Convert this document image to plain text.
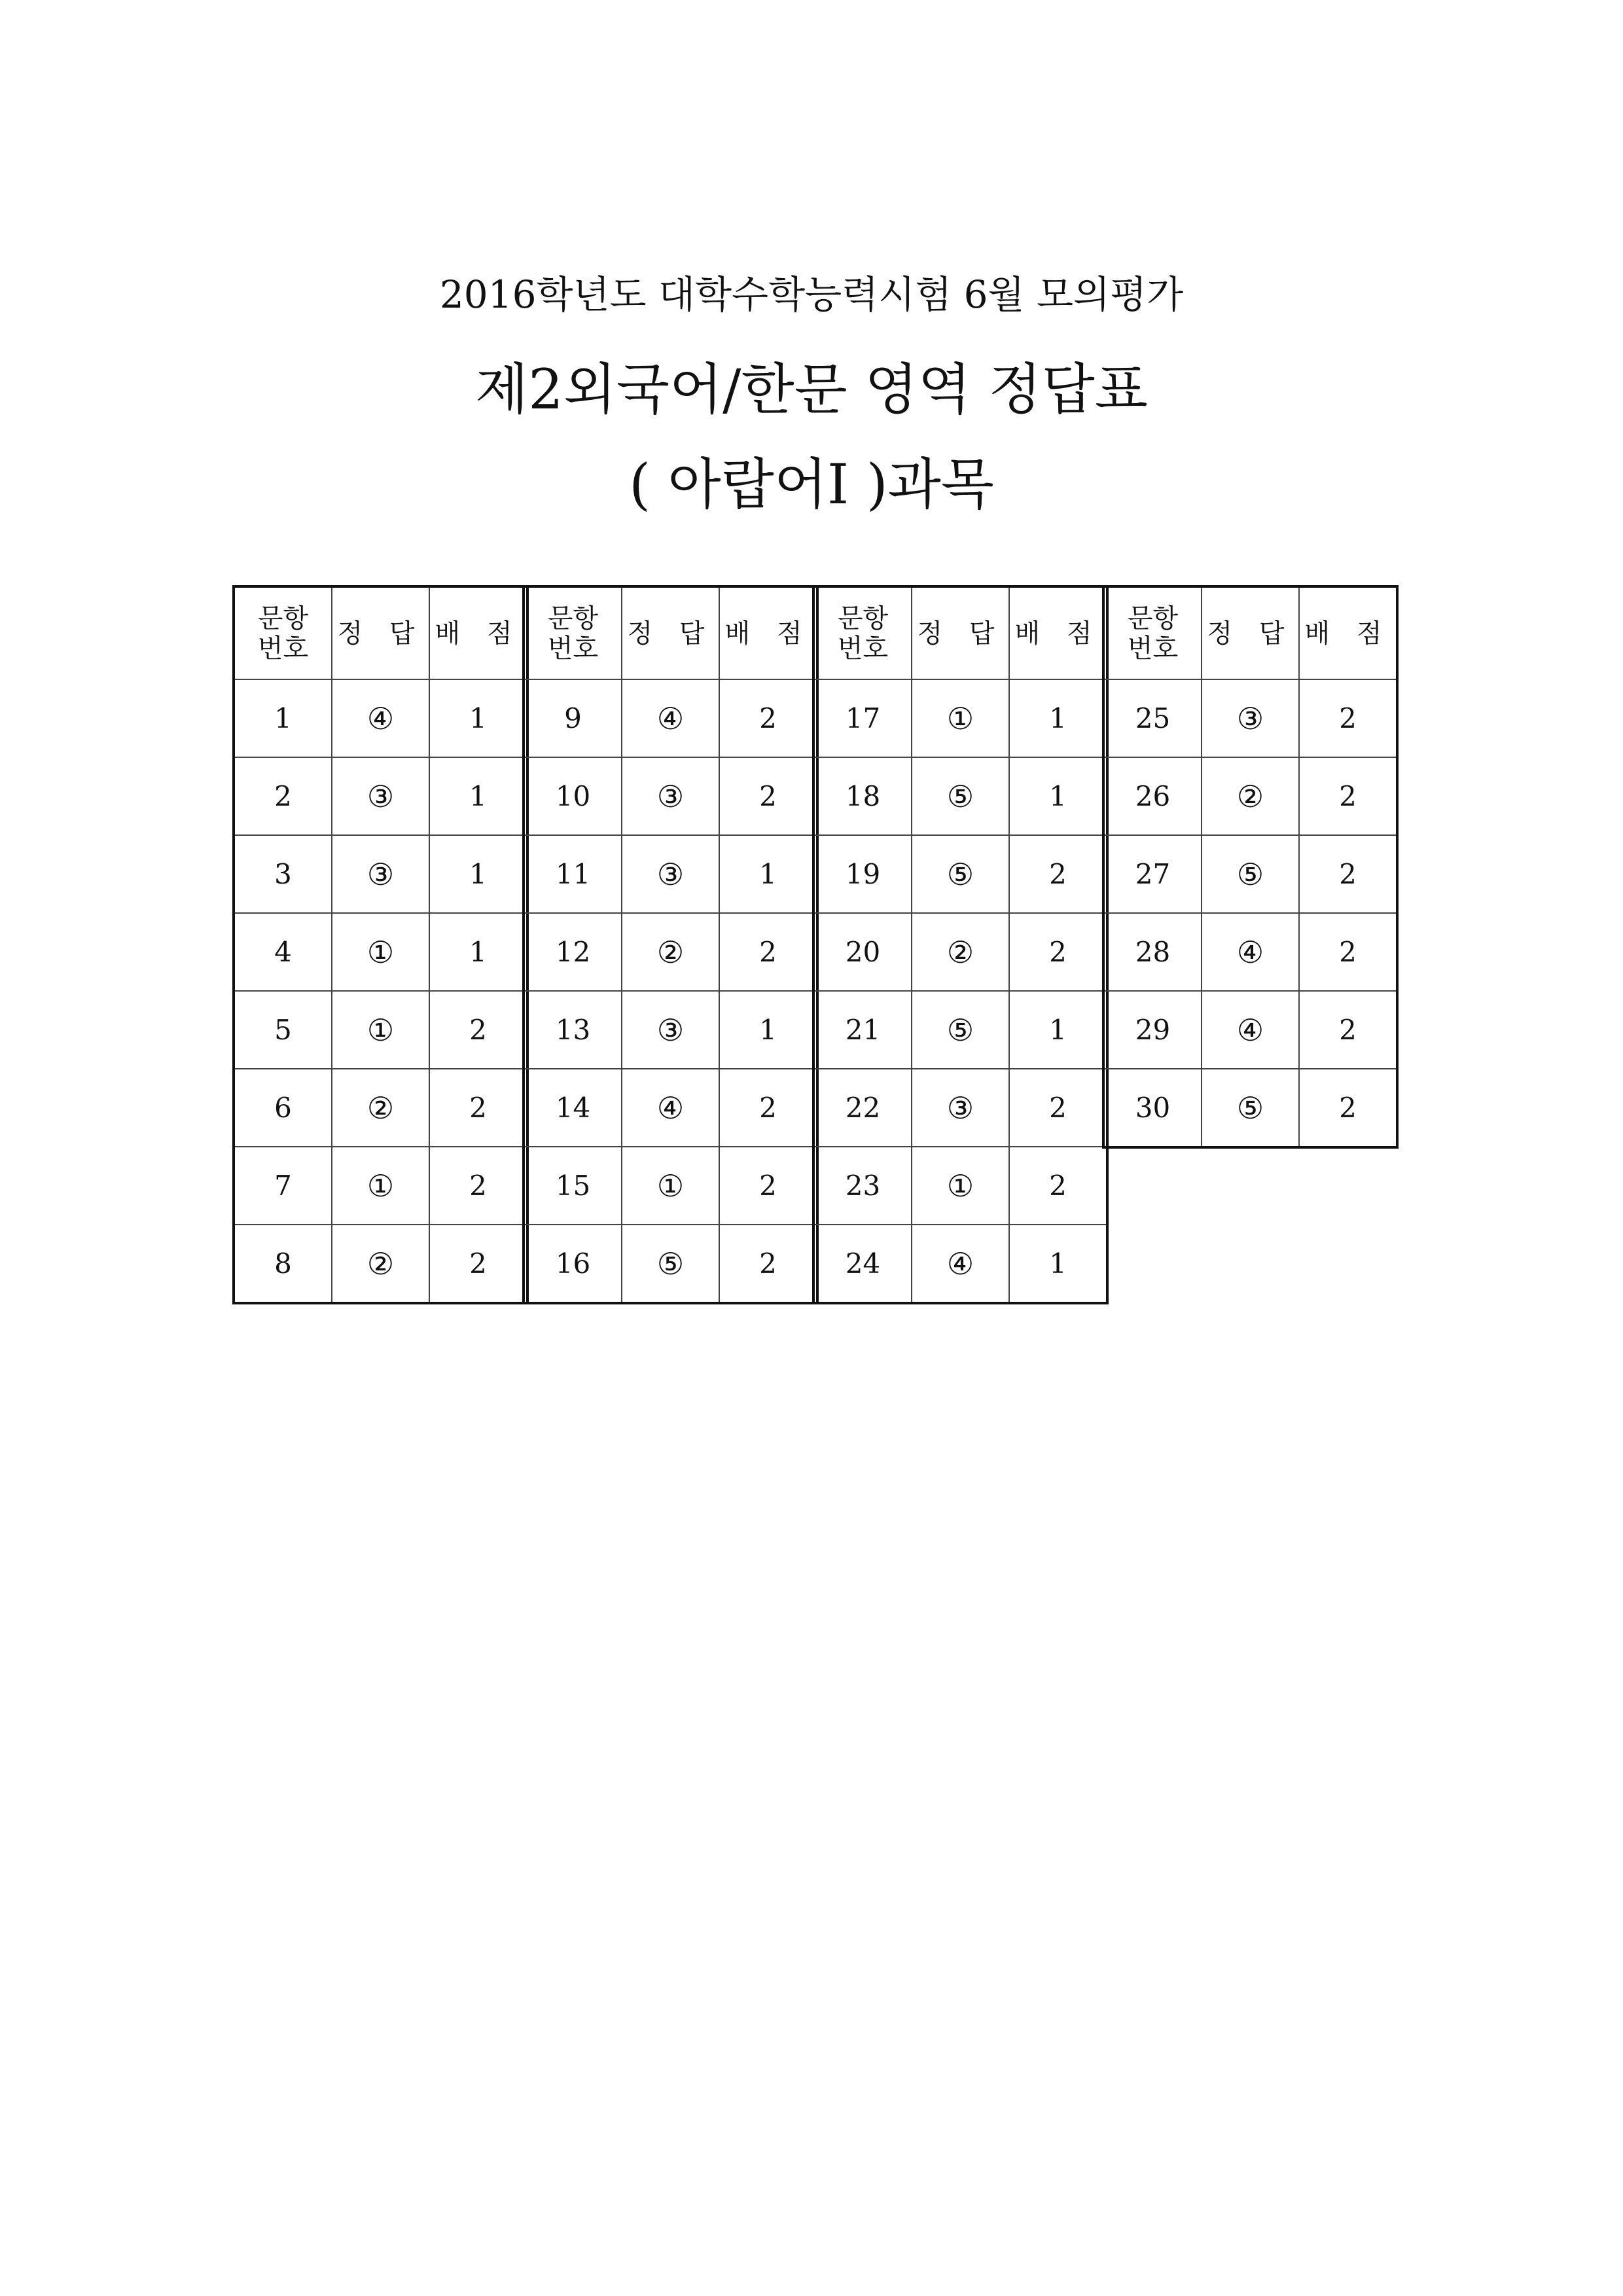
2016학년도 대학수학능력시험 6월 모의평가
제2외국어/한문 영역 정답표
( 아랍어Ⅰ )과목
문항
번호	정 답	배 점
1	④	1
2	③	1
3	③	1
4	①	1
5	①	2
6	②	2
7	①	2
8	②	2
문항
번호	정 답	배 점
9	④	2
10	③	2
11	③	1
12	②	2
13	③	1
14	④	2
15	①	2
16	⑤	2
문항
번호	정 답	배 점
17	①	1
18	⑤	1
19	⑤	2
20	②	2
21	⑤	1
22	③	2
23	①	2
24	④	1
문항
번호	정 답	배 점
25	③	2
26	②	2
27	⑤	2
28	④	2
29	④	2
30	⑤	2
